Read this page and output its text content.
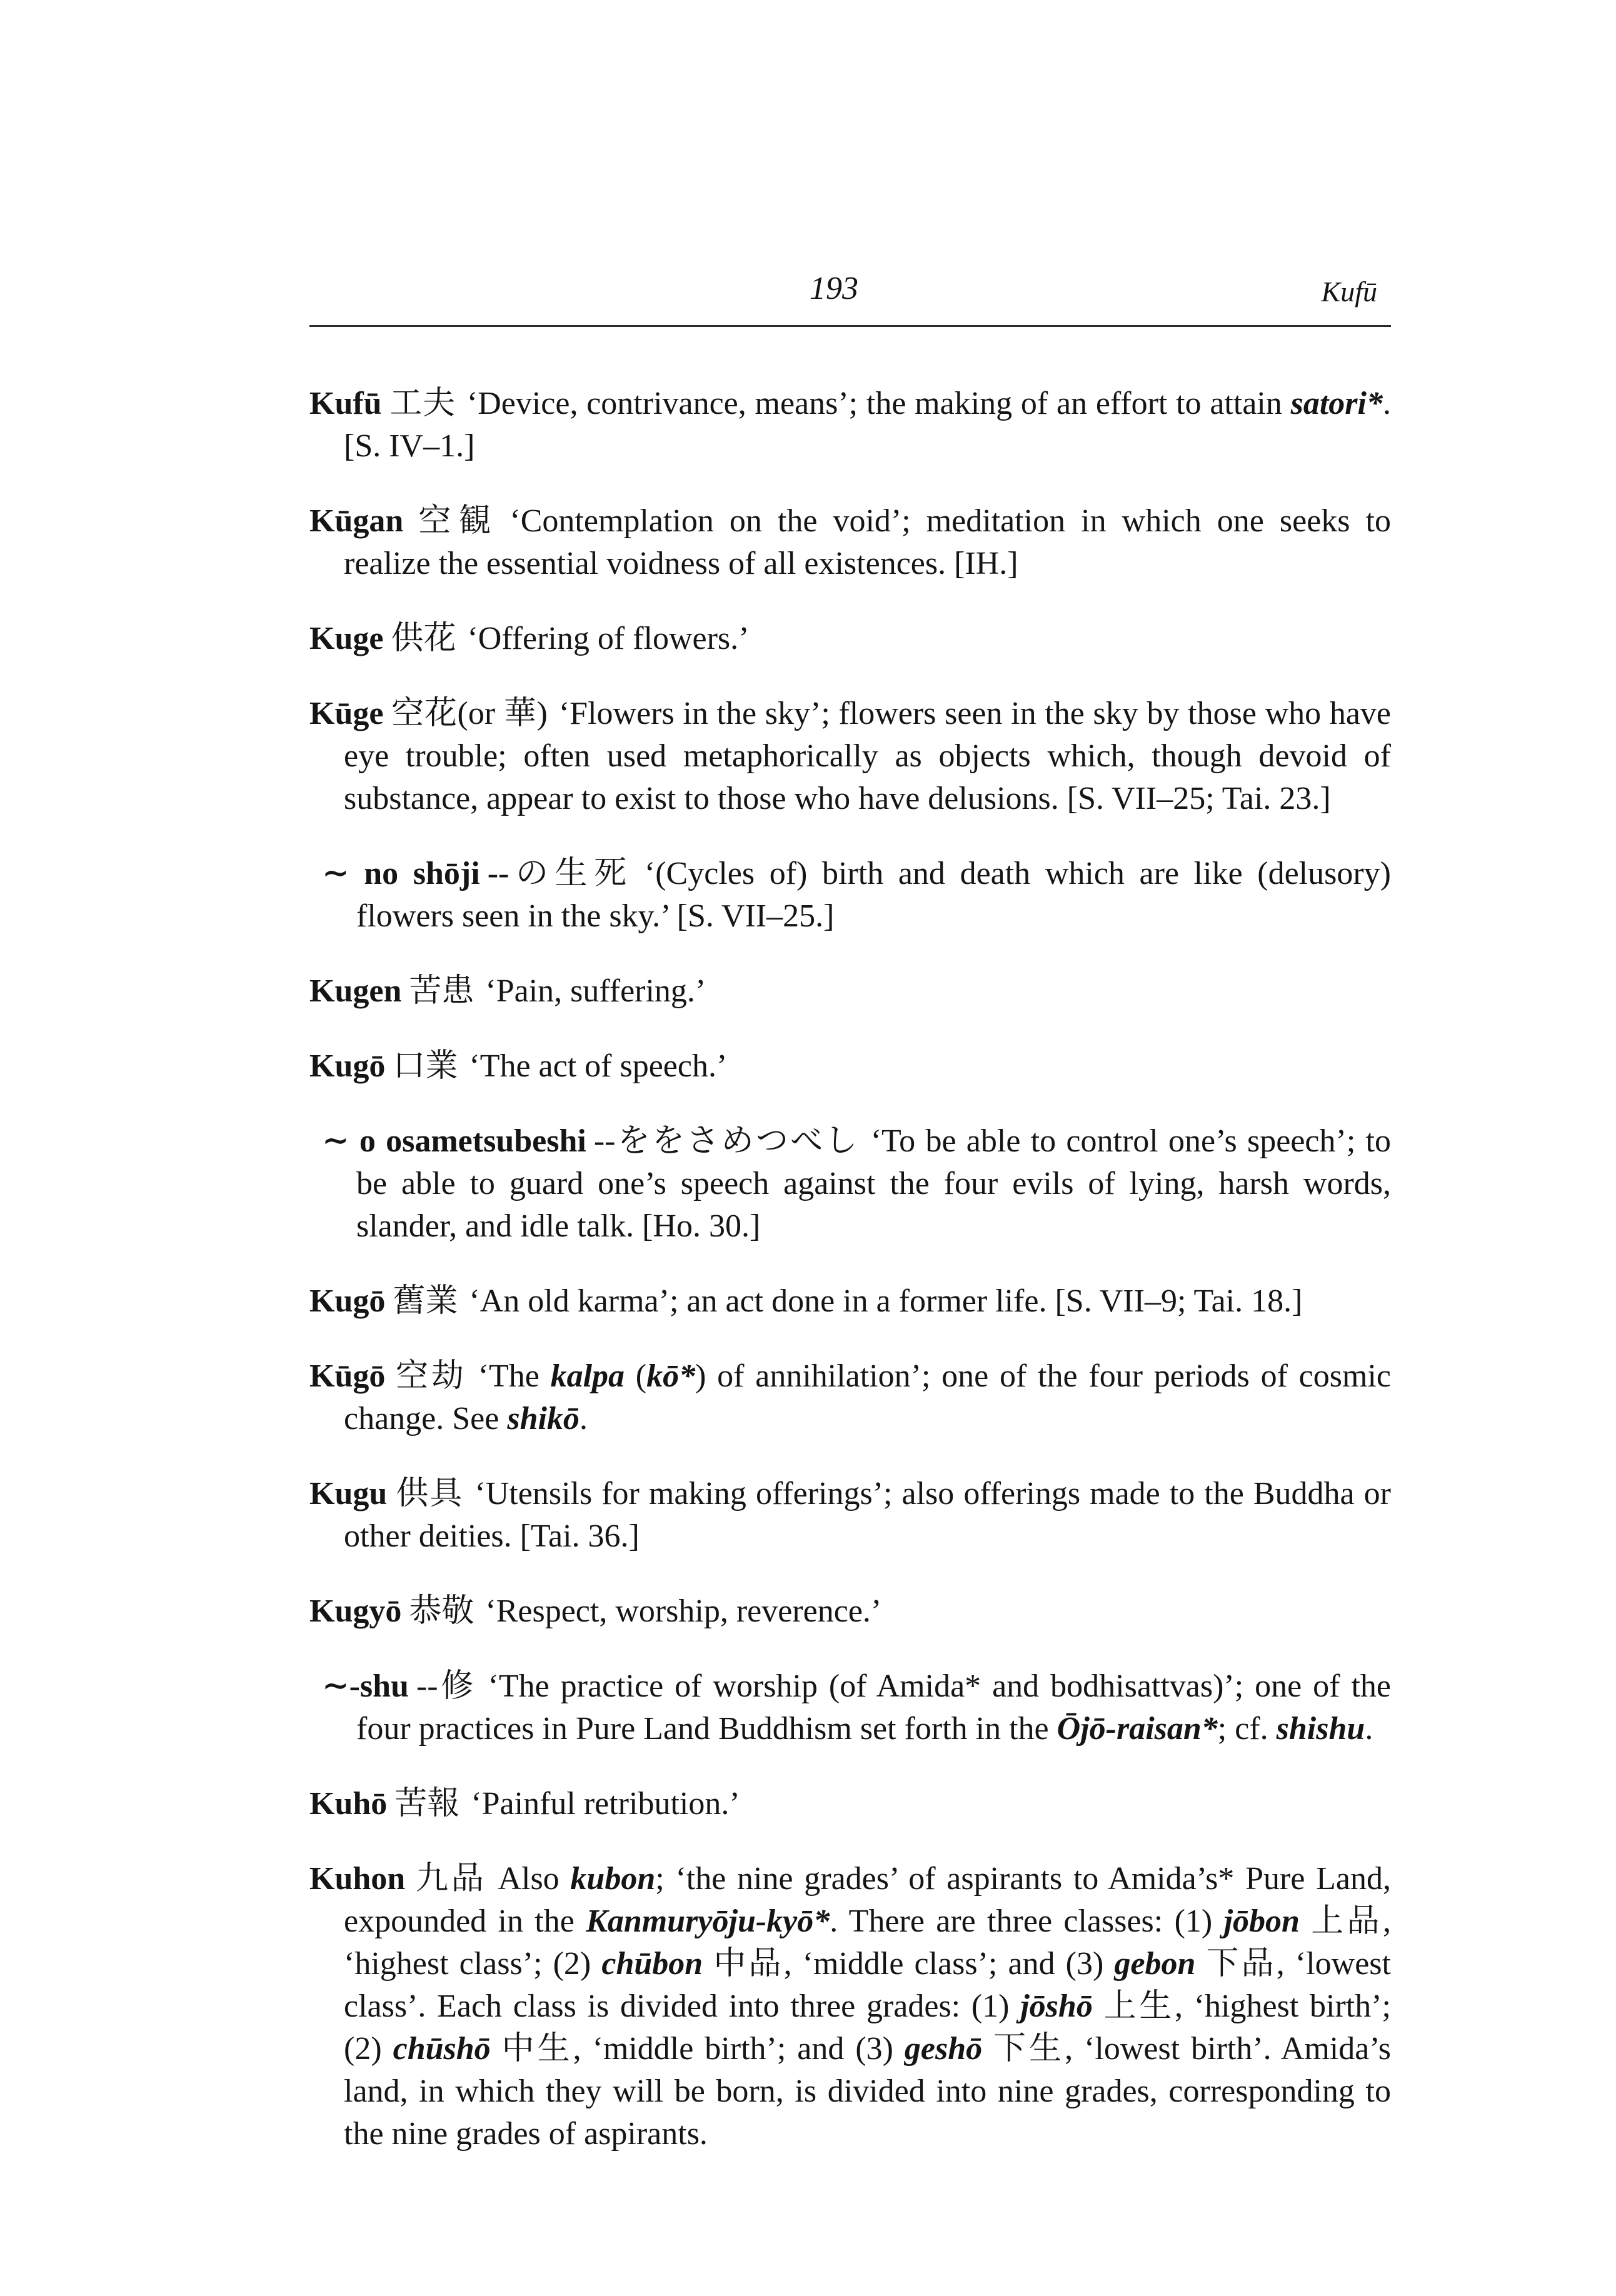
193	Kufū

Kufū 工夫 ‘Device, contrivance, means’; the making of an effort to attain satori*. [S. IV–1.]

Kūgan 空観 ‘Contemplation on the void’; meditation in which one seeks to realize the essential voidness of all existences. [IH.]

Kuge 供花 ‘Offering of flowers.’

Kūge 空花(or 華) ‘Flowers in the sky’; flowers seen in the sky by those who have eye trouble; often used metaphorically as objects which, though devoid of substance, appear to exist to those who have delusions. [S. VII–25; Tai. 23.]

∼ no shōji --の生死 ‘(Cycles of) birth and death which are like (delusory) flowers seen in the sky.’ [S. VII–25.]

Kugen 苦患 ‘Pain, suffering.’

Kugō 口業 ‘The act of speech.’

∼ o osametsubeshi --ををさめつべし ‘To be able to control one’s speech’; to be able to guard one’s speech against the four evils of lying, harsh words, slander, and idle talk. [Ho. 30.]

Kugō 舊業 ‘An old karma’; an act done in a former life. [S. VII–9; Tai. 18.]

Kūgō 空劫 ‘The kalpa (kō*) of annihilation’; one of the four periods of cosmic change. See shikō.

Kugu 供具 ‘Utensils for making offerings’; also offerings made to the Buddha or other deities. [Tai. 36.]

Kugyō 恭敬 ‘Respect, worship, reverence.’

∼-shu --修 ‘The practice of worship (of Amida* and bodhisattvas)’; one of the four practices in Pure Land Buddhism set forth in the Ōjō-raisan*; cf. shishu.

Kuhō 苦報 ‘Painful retribution.’

Kuhon 九品 Also kubon; ‘the nine grades’ of aspirants to Amida’s* Pure Land, expounded in the Kanmuryōju-kyō*. There are three classes: (1) jōbon 上品, ‘highest class’; (2) chūbon 中品, ‘middle class’; and (3) gebon 下品, ‘lowest class’. Each class is divided into three grades: (1) jōshō 上生, ‘highest birth’; (2) chūshō 中生, ‘middle birth’; and (3) geshō 下生, ‘lowest birth’. Amida’s land, in which they will be born, is divided into nine grades, corresponding to the nine grades of aspirants.
